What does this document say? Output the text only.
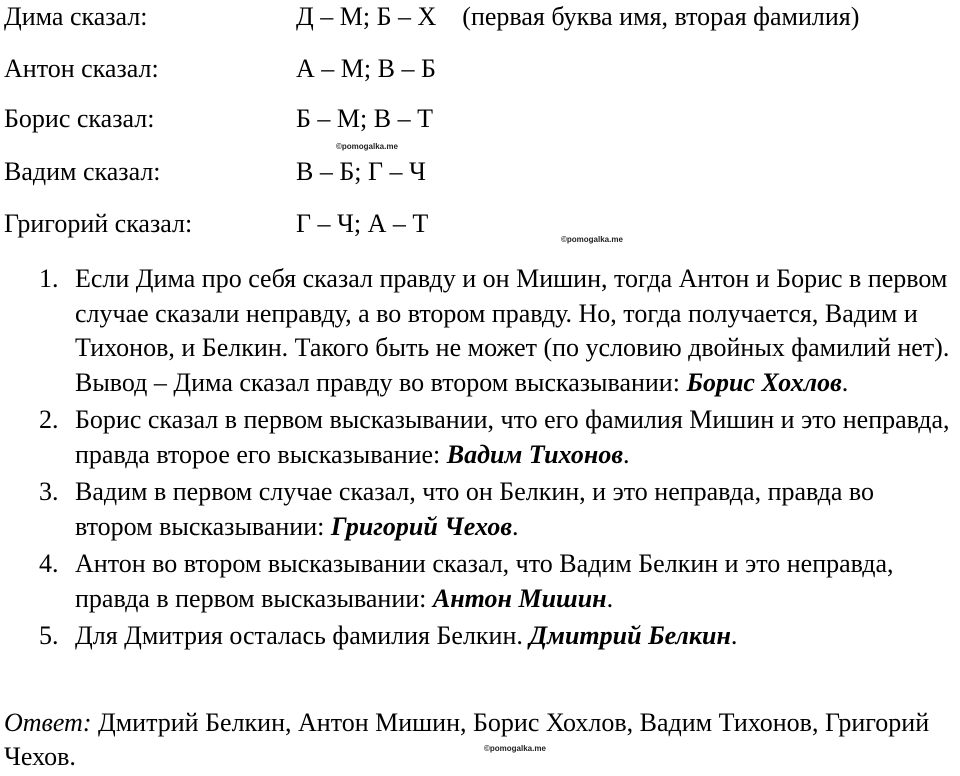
Дима сказал:	Д – М; Б – Х (первая буква имя, вторая фамилия)
Антон сказал:	А – М; В – Б
Борис сказал:	Б – М; В – Т
Вадим сказал:	В – Б; Г – Ч
Григорий сказал:	Г – Ч; А – Т
©pomogalka.me
©pomogalka.me
©pomogalka.me
1. Если Дима про себя сказал правду и он Мишин, тогда Антон и Борис в первом случае сказали неправду, а во втором правду. Но, тогда получается, Вадим и Тихонов, и Белкин. Такого быть не может (по условию двойных фамилий нет). Вывод – Дима сказал правду во втором высказывании: Борис Хохлов.
2. Борис сказал в первом высказывании, что его фамилия Мишин и это неправда, правда второе его высказывание: Вадим Тихонов.
3. Вадим в первом случае сказал, что он Белкин, и это неправда, правда во втором высказывании: Григорий Чехов.
4. Антон во втором высказывании сказал, что Вадим Белкин и это неправда, правда в первом высказывании: Антон Мишин.
5. Для Дмитрия осталась фамилия Белкин. Дмитрий Белкин.
Ответ: Дмитрий Белкин, Антон Мишин, Борис Хохлов, Вадим Тихонов, Григорий Чехов.
